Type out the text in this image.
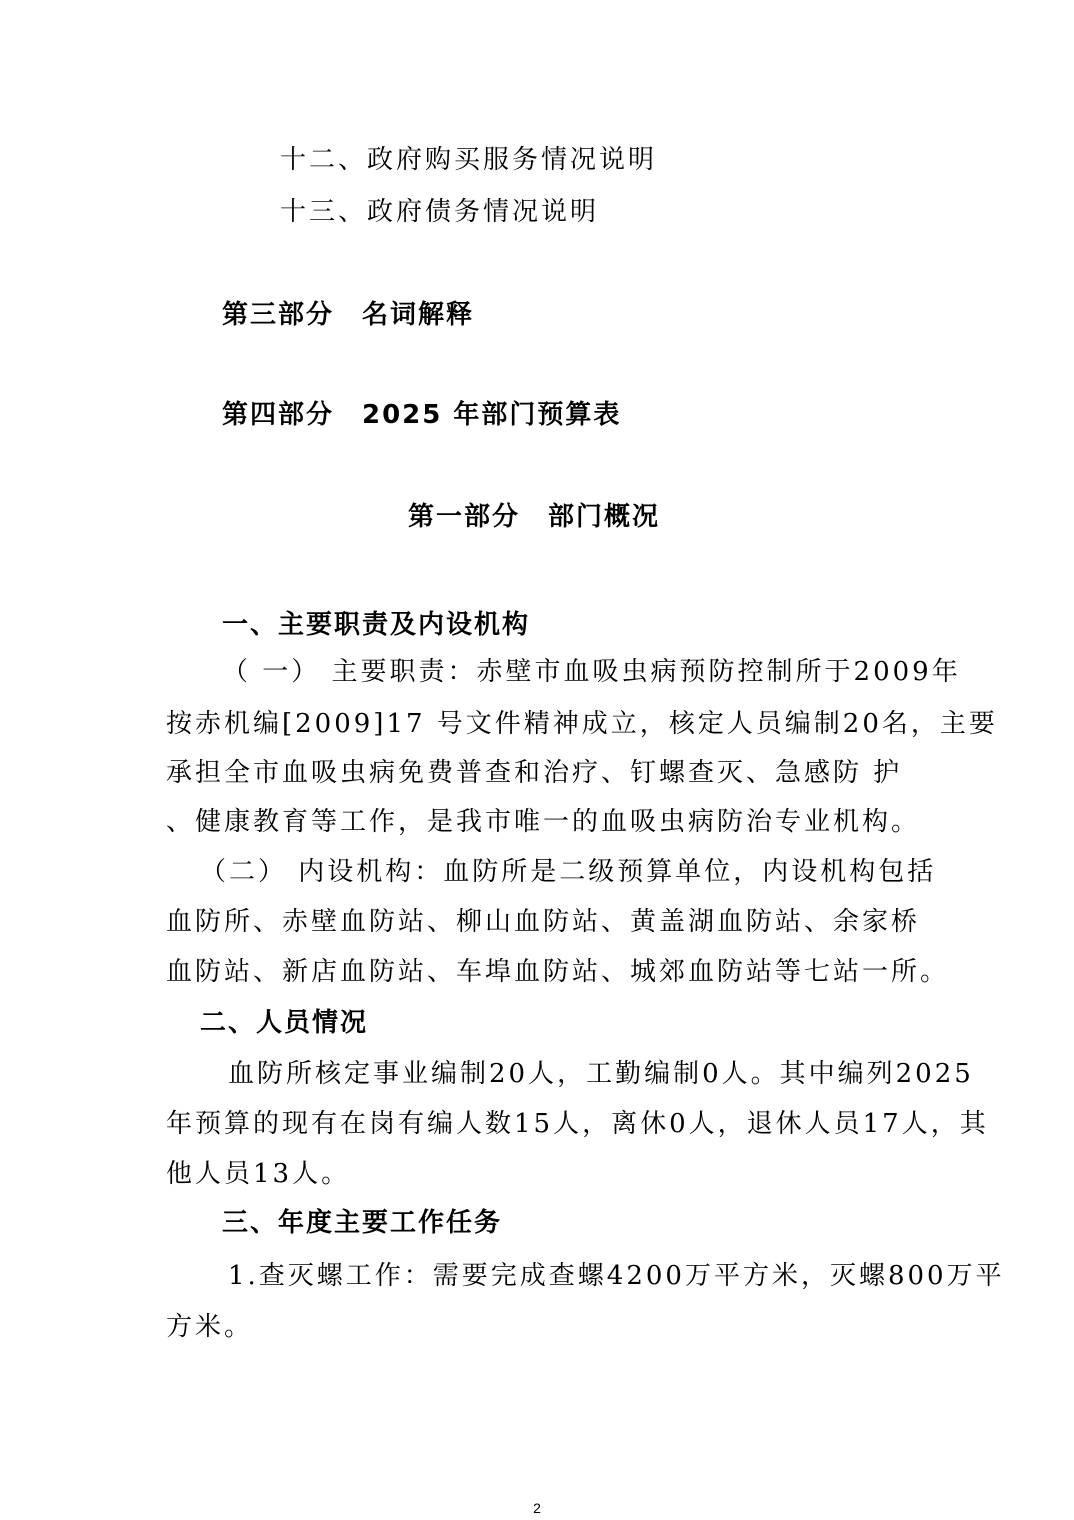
十二、政府购买服务情况说明
十三、政府债务情况说明
第三部分　名词解释
第四部分　2025 年部门预算表
第一部分　部门概况
一、主要职责及内设机构
（ 一） 主要职责：赤壁市血吸虫病预防控制所于2009年
按赤机编[2009]17 号文件精神成立，核定人员编制20名，主要
承担全市血吸虫病免费普查和治疗、钉螺查灭、急感防 护
、健康教育等工作，是我市唯一的血吸虫病防治专业机构。
（二） 内设机构：血防所是二级预算单位，内设机构包括
血防所、赤壁血防站、柳山血防站、黄盖湖血防站、余家桥
血防站、新店血防站、车埠血防站、城郊血防站等七站一所。
二、人员情况
血防所核定事业编制20人，工勤编制0人。其中编列2025
年预算的现有在岗有编人数15人，离休0人，退休人员17人，其
他人员13人。
三、年度主要工作任务
1.查灭螺工作：需要完成查螺4200万平方米，灭螺800万平
方米。
2
